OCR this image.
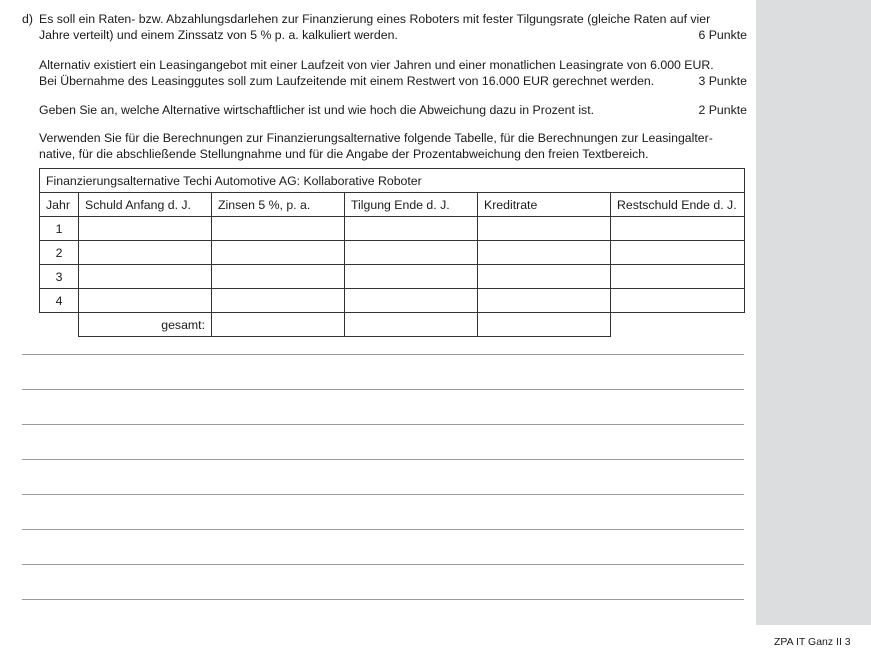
d) Es soll ein Raten- bzw. Abzahlungsdarlehen zur Finanzierung eines Roboters mit fester Tilgungsrate (gleiche Raten auf vier
Jahre verteilt) und einem Zinssatz von 5 % p. a. kalkuliert werden.	6 Punkte
Alternativ existiert ein Leasingangebot mit einer Laufzeit von vier Jahren und einer monatlichen Leasingrate von 6.000 EUR.
Bei Übernahme des Leasinggutes soll zum Laufzeitende mit einem Restwert von 16.000 EUR gerechnet werden.	3 Punkte
Geben Sie an, welche Alternative wirtschaftlicher ist und wie hoch die Abweichung dazu in Prozent ist.	2 Punkte
Verwenden Sie für die Berechnungen zur Finanzierungsalternative folgende Tabelle, für die Berechnungen zur Leasingalter-
native, für die abschließende Stellungnahme und für die Angabe der Prozentabweichung den freien Textbereich.
Finanzierungsalternative Techi Automotive AG: Kollaborative Roboter					
Jahr	Schuld Anfang d. J.	Zinsen 5 %, p. a.	Tilgung Ende d. J.	Kreditrate	Restschuld Ende d. J.
1					
2					
3					
4					
	gesamt:				
ZPA IT Ganz II 3
